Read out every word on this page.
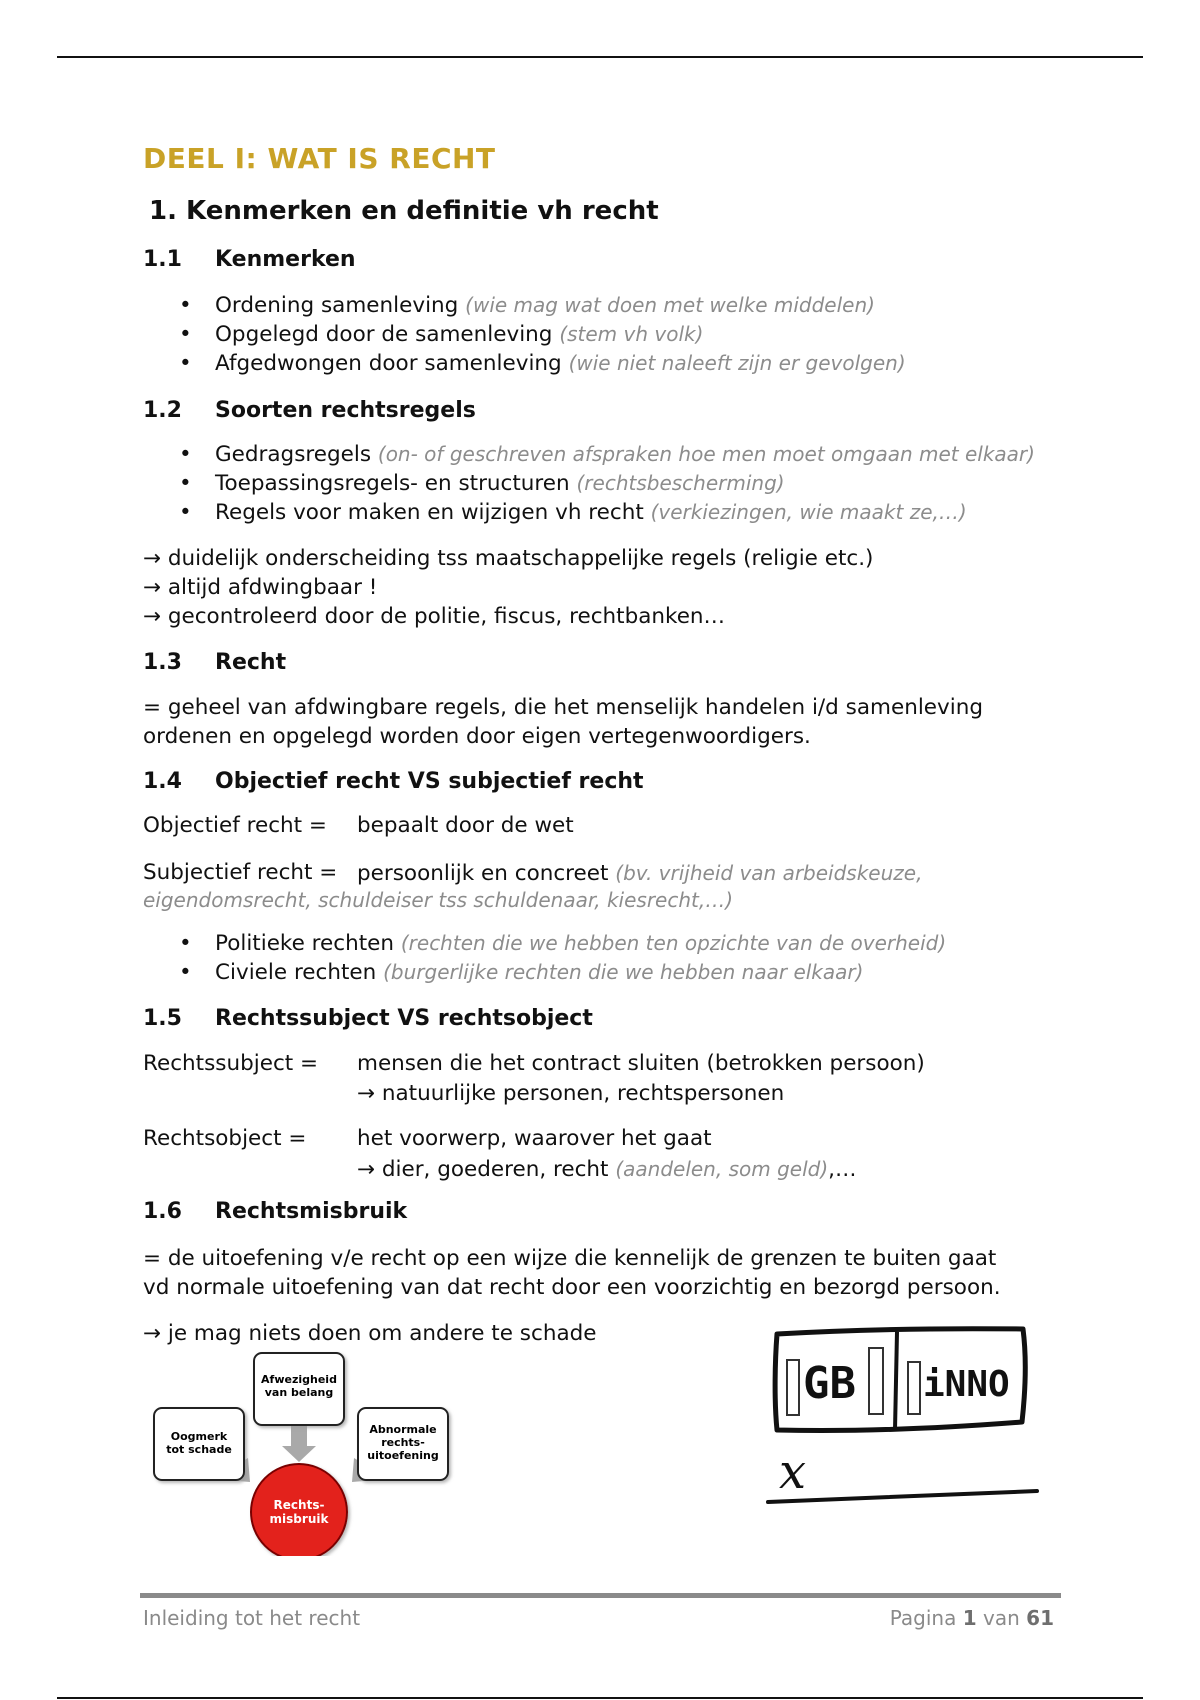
DEEL I: WAT IS RECHT
1. Kenmerken en definitie vh recht
1.1 Kenmerken
• Ordening samenleving (wie mag wat doen met welke middelen)
• Opgelegd door de samenleving (stem vh volk)
• Afgedwongen door samenleving (wie niet naleeft zijn er gevolgen)
1.2 Soorten rechtsregels
• Gedragsregels (on- of geschreven afspraken hoe men moet omgaan met elkaar)
• Toepassingsregels- en structuren (rechtsbescherming)
• Regels voor maken en wijzigen vh recht (verkiezingen, wie maakt ze,…)
→ duidelijk onderscheiding tss maatschappelijke regels (religie etc.)
→ altijd afdwingbaar !
→ gecontroleerd door de politie, fiscus, rechtbanken…
1.3 Recht
= geheel van afdwingbare regels, die het menselijk handelen i/d samenleving
ordenen en opgelegd worden door eigen vertegenwoordigers.
1.4 Objectief recht VS subjectief recht
Objectief recht = bepaalt door de wet
Subjectief recht = persoonlijk en concreet (bv. vrijheid van arbeidskeuze,
eigendomsrecht, schuldeiser tss schuldenaar, kiesrecht,…)
• Politieke rechten (rechten die we hebben ten opzichte van de overheid)
• Civiele rechten (burgerlijke rechten die we hebben naar elkaar)
1.5 Rechtssubject VS rechtsobject
Rechtssubject = mensen die het contract sluiten (betrokken persoon)
→ natuurlijke personen, rechtspersonen
Rechtsobject = het voorwerp, waarover het gaat
→ dier, goederen, recht (aandelen, som geld),…
1.6 Rechtsmisbruik
= de uitoefening v/e recht op een wijze die kennelijk de grenzen te buiten gaat
vd normale uitoefening van dat recht door een voorzichtig en bezorgd persoon.
→ je mag niets doen om andere te schade
Oogmerk
tot schade
Afwezigheid
van belang
Abnormale
rechts-
uitoefening
Rechts-
misbruik
GB iNNO
x
Inleiding tot het recht	Pagina 1 van 61
